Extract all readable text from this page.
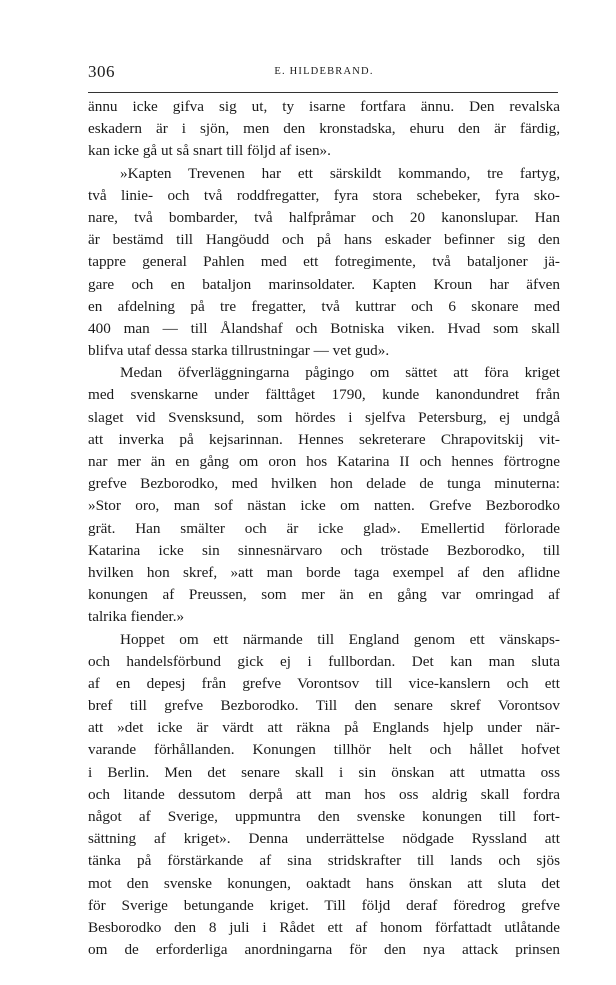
306	E. HILDEBRAND.
ännu icke gifva sig ut, ty isarne fortfara ännu. Den revalska
eskadern är i sjön, men den kronstadska, ehuru den är färdig,
kan icke gå ut så snart till följd af isen».
»Kapten Trevenen har ett särskildt kommando, tre fartyg,
två linie- och två roddfregatter, fyra stora schebeker, fyra sko-
nare, två bombarder, två halfpråmar och 20 kanonslupar. Han
är bestämd till Hangöudd och på hans eskader befinner sig den
tappre general Pahlen med ett fotregimente, två bataljoner jä-
gare och en bataljon marinsoldater. Kapten Kroun har äfven
en afdelning på tre fregatter, två kuttrar och 6 skonare med
400 man — till Ålandshaf och Botniska viken. Hvad som skall
blifva utaf dessa starka tillrustningar — vet gud».
Medan öfverläggningarna pågingo om sättet att föra kriget
med svenskarne under fälttåget 1790, kunde kanondundret från
slaget vid Svensksund, som hördes i sjelfva Petersburg, ej undgå
att inverka på kejsarinnan. Hennes sekreterare Chrapovitskij vit-
nar mer än en gång om oron hos Katarina II och hennes förtrogne
grefve Bezborodko, med hvilken hon delade de tunga minuterna:
»Stor oro, man sof nästan icke om natten. Grefve Bezborodko
grät. Han smälter och är icke glad». Emellertid förlorade
Katarina icke sin sinnesnärvaro och tröstade Bezborodko, till
hvilken hon skref, »att man borde taga exempel af den aflidne
konungen af Preussen, som mer än en gång var omringad af
talrika fiender.»
Hoppet om ett närmande till England genom ett vänskaps-
och handelsförbund gick ej i fullbordan. Det kan man sluta
af en depesj från grefve Vorontsov till vice-kanslern och ett
bref till grefve Bezborodko. Till den senare skref Vorontsov
att »det icke är värdt att räkna på Englands hjelp under när-
varande förhållanden. Konungen tillhör helt och hållet hofvet
i Berlin. Men det senare skall i sin önskan att utmatta oss
och litande dessutom derpå att man hos oss aldrig skall fordra
något af Sverige, uppmuntra den svenske konungen till fort-
sättning af kriget». Denna underrättelse nödgade Ryssland att
tänka på förstärkande af sina stridskrafter till lands och sjös
mot den svenske konungen, oaktadt hans önskan att sluta det
för Sverige betungande kriget. Till följd deraf föredrog grefve
Besborodko den 8 juli i Rådet ett af honom författadt utlåtande
om de erforderliga anordningarna för den nya attack prinsen
